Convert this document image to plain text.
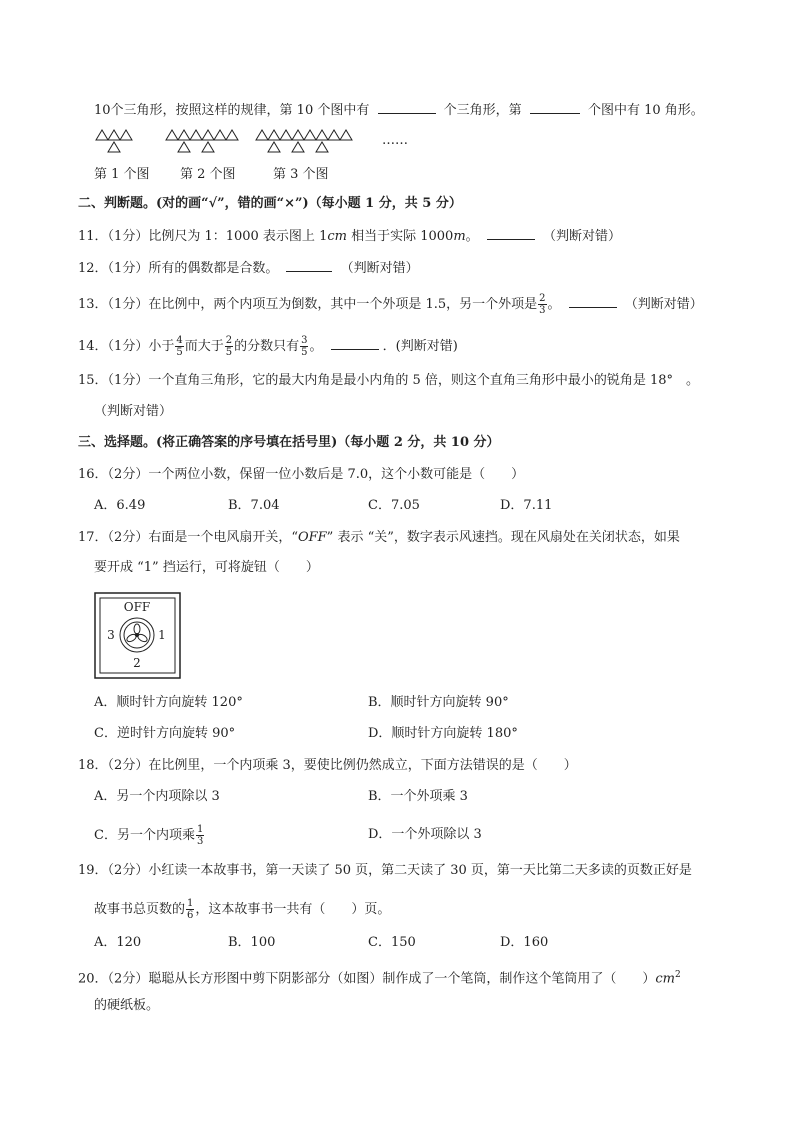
10个三角形，按照这样的规律，第 10 个图中有	个三角形，第	个图中有 10 角形。
……
第 1 个图 第 2 个图	第 3 个图
二、判断题。(对的画“√”，错的画“×”)（每小题 1 分，共 5 分）
11．（1分）比例尺为 1：1000 表示图上 1cm 相当于实际 1000m。	（判断对错）
12．（1分）所有的偶数都是合数。	（判断对错）
13．（1分）在比例中，两个内项互为倒数，其中一个外项是 1.5，另一个外项是 $\frac{2}{3}$ 。	（判断对错）
14．（1分）小于 $\frac{4}{5}$ 而大于 $\frac{2}{5}$ 的分数只有 $\frac{3}{5}$ 。	．(判断对错)
15．（1分）一个直角三角形，它的最大内角是最小内角的 5 倍，则这个直角三角形中最小的锐角是 18°　。
（判断对错）
三、选择题。(将正确答案的序号填在括号里)（每小题 2 分，共 10 分）
16．（2分）一个两位小数，保留一位小数后是 7.0，这个小数可能是（　　）
A．6.49	B．7.04	C．7.05	D．7.11
17．（2分）右面是一个电风扇开关，“OFF” 表示 “关”，数字表示风速挡。现在风扇处在关闭状态，如果
要开成 “1” 挡运行，可将旋钮（　　）
OFF
1
2
3
A．顺时针方向旋转 120°	B．顺时针方向旋转 90°
C．逆时针方向旋转 90°	D．顺时针方向旋转 180°
18．（2分）在比例里，一个内项乘 3，要使比例仍然成立，下面方法错误的是（　　）
A．另一个内项除以 3	B．一个外项乘 3
C．另一个内项乘 $\frac{1}{3}$	D．一个外项除以 3
19．（2分）小红读一本故事书，第一天读了 50 页，第二天读了 30 页，第一天比第二天多读的页数正好是
故事书总页数的 $\frac{1}{6}$ ，这本故事书一共有（　　）页。
A．120	B．100	C．150	D．160
20．（2分）聪聪从长方形图中剪下阴影部分（如图）制作成了一个笔筒，制作这个笔筒用了（　　）$cm^2$
的硬纸板。
